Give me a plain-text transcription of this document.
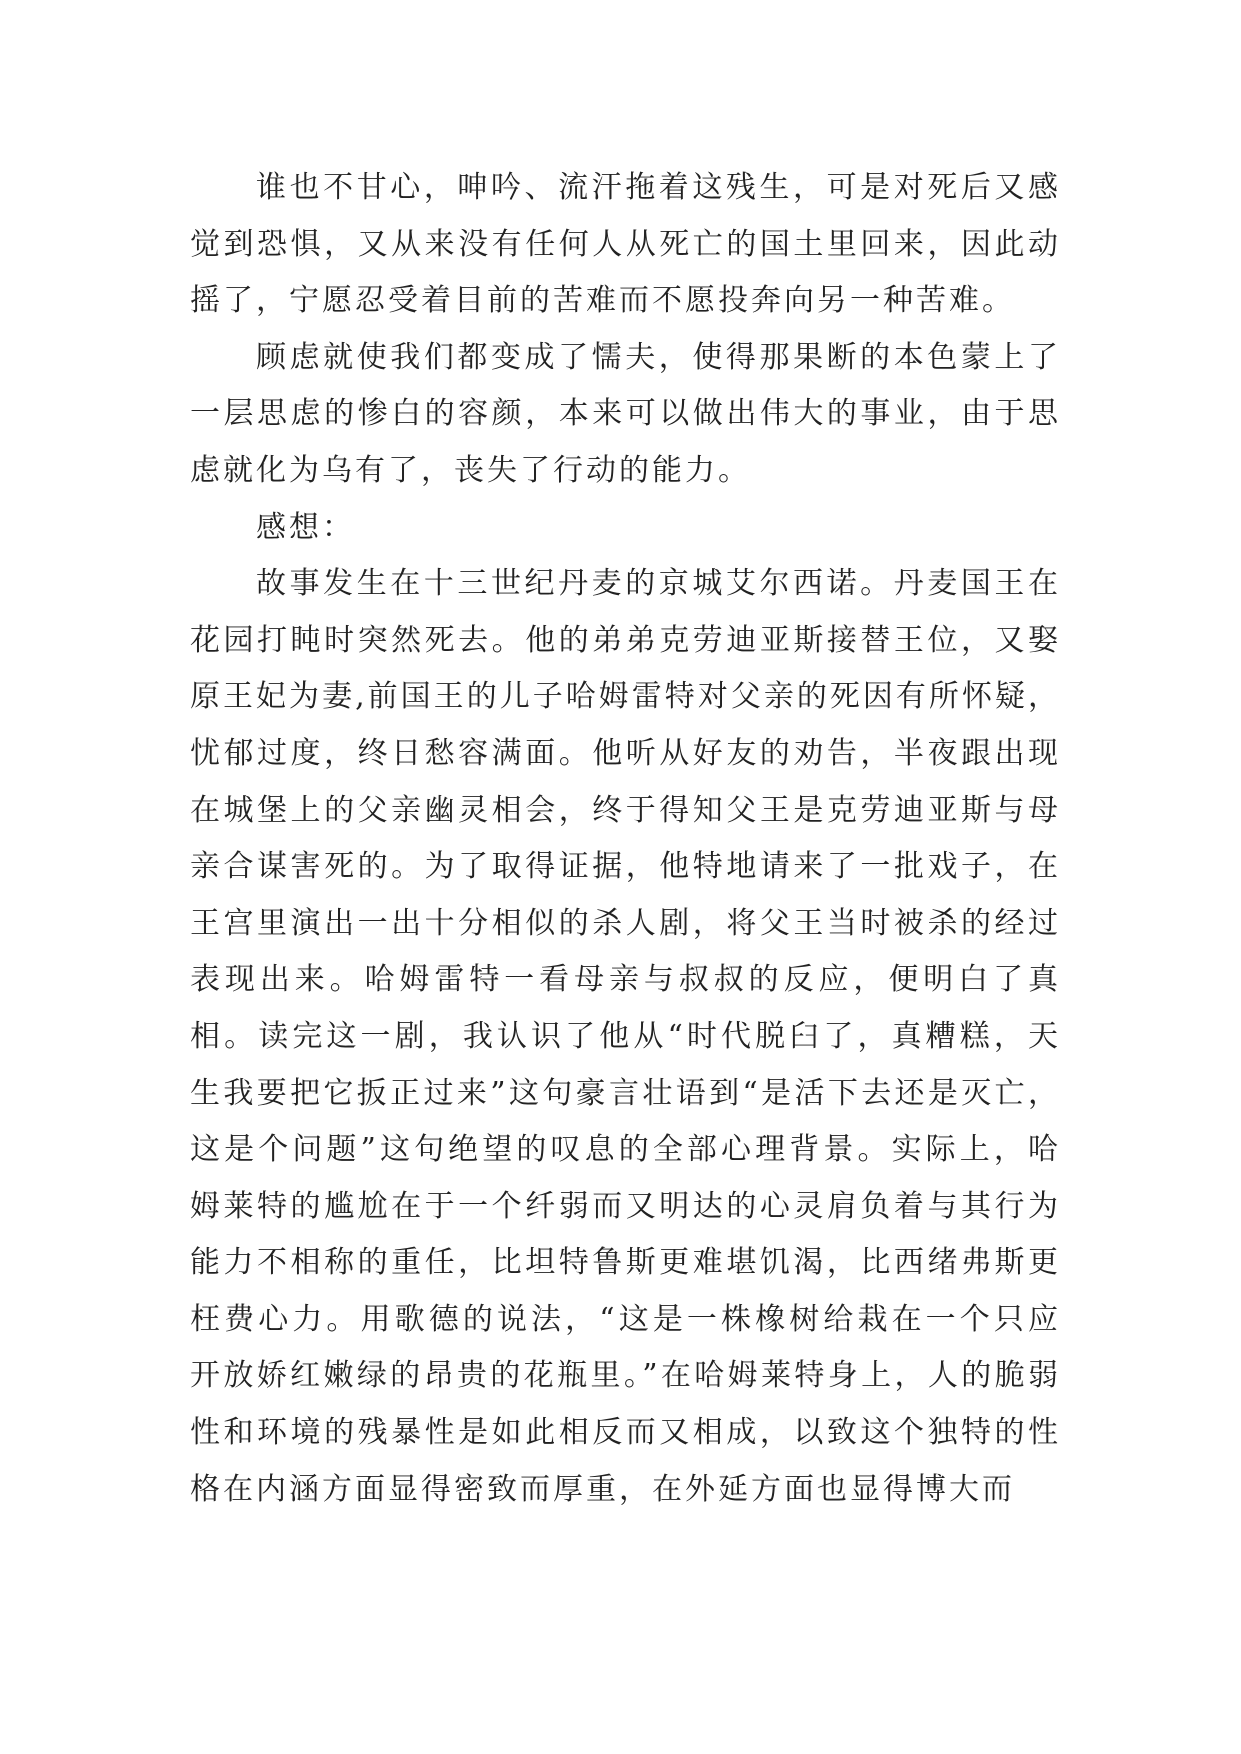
谁也不甘心，呻吟、流汗拖着这残生，可是对死后又感觉到恐惧，又从来没有任何人从死亡的国土里回来，因此动摇了，宁愿忍受着目前的苦难而不愿投奔向另一种苦难。

顾虑就使我们都变成了懦夫，使得那果断的本色蒙上了一层思虑的惨白的容颜，本来可以做出伟大的事业，由于思虑就化为乌有了，丧失了行动的能力。

感想：

故事发生在十三世纪丹麦的京城艾尔西诺。丹麦国王在花园打盹时突然死去。他的弟弟克劳迪亚斯接替王位，又娶原王妃为妻,前国王的儿子哈姆雷特对父亲的死因有所怀疑，忧郁过度，终日愁容满面。他听从好友的劝告，半夜跟出现在城堡上的父亲幽灵相会，终于得知父王是克劳迪亚斯与母亲合谋害死的。为了取得证据，他特地请来了一批戏子，在王宫里演出一出十分相似的杀人剧，将父王当时被杀的经过表现出来。哈姆雷特一看母亲与叔叔的反应，便明白了真相。读完这一剧，我认识了他从“时代脱臼了，真糟糕，天生我要把它扳正过来”这句豪言壮语到“是活下去还是灭亡，这是个问题”这句绝望的叹息的全部心理背景。实际上，哈姆莱特的尴尬在于一个纤弱而又明达的心灵肩负着与其行为能力不相称的重任，比坦特鲁斯更难堪饥渴，比西绪弗斯更枉费心力。用歌德的说法，“这是一株橡树给栽在一个只应开放娇红嫩绿的昂贵的花瓶里。”在哈姆莱特身上，人的脆弱性和环境的残暴性是如此相反而又相成，以致这个独特的性格在内涵方面显得密致而厚重，在外延方面也显得博大而
